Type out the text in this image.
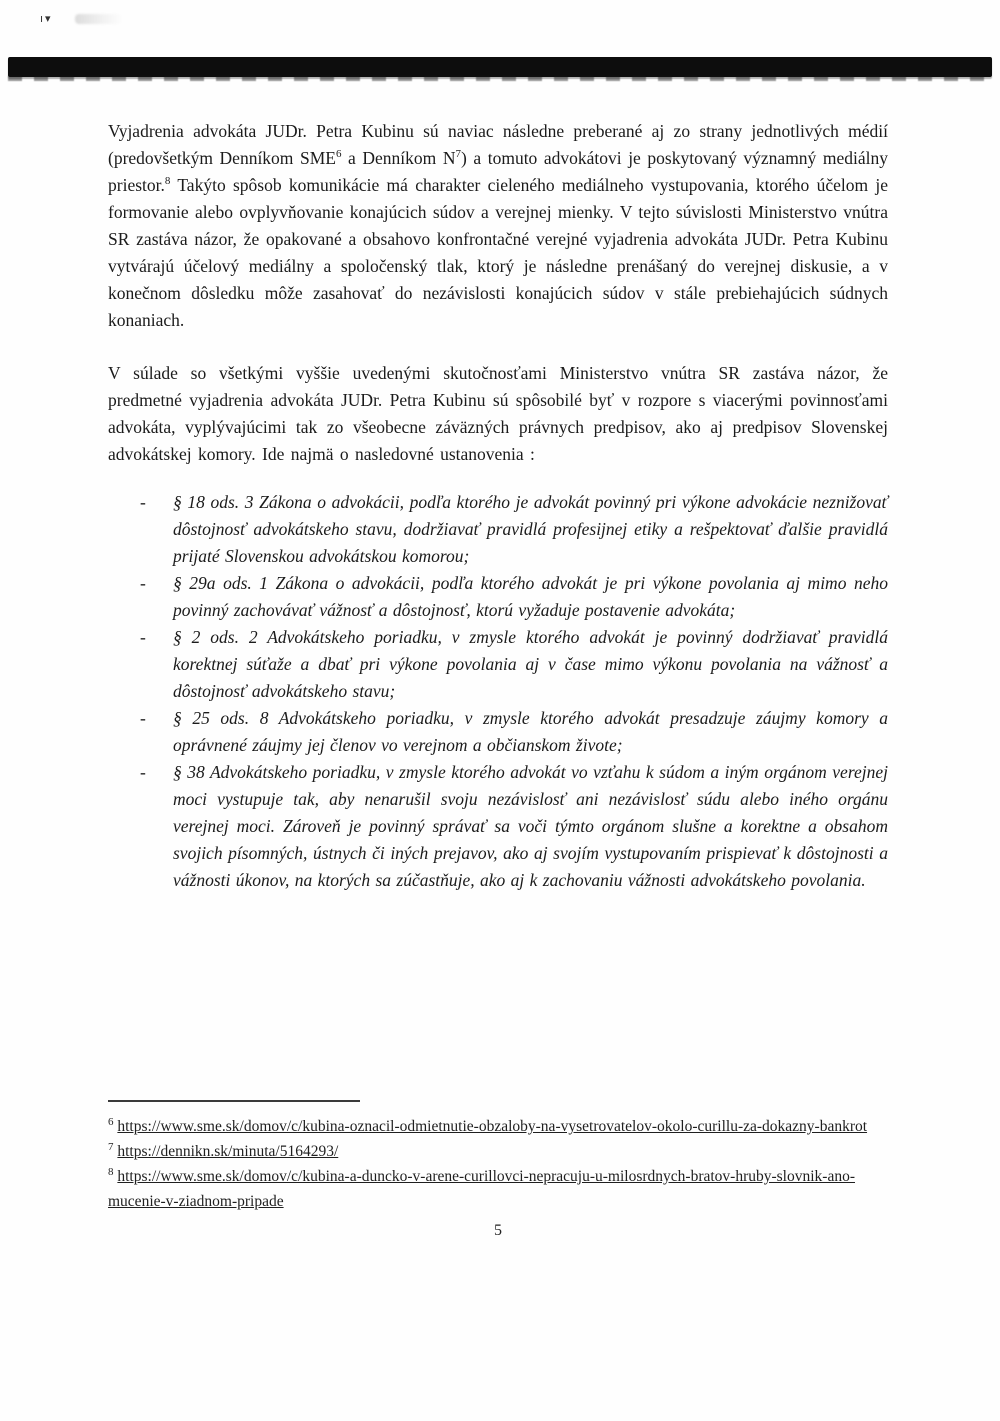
ı▾

Vyjadrenia advokáta JUDr. Petra Kubinu sú naviac následne preberané aj zo strany jednotlivých médií (predovšetkým Denníkom SME$^6$ a Denníkom $N^7$) a tomuto advokátovi je poskytovaný významný mediálny priestor.$^8$ Takýto spôsob komunikácie má charakter cieleného mediálneho vystupovania, ktorého účelom je formovanie alebo ovplyvňovanie konajúcich súdov a verejnej mienky. V tejto súvislosti Ministerstvo vnútra SR zastáva názor, že opakované a obsahovo konfrontačné verejné vyjadrenia advokáta JUDr. Petra Kubinu vytvárajú účelový mediálny a spoločenský tlak, ktorý je následne prenášaný do verejnej diskusie, a v konečnom dôsledku môže zasahovať do nezávislosti konajúcich súdov v stále prebiehajúcich súdnych konaniach.

V súlade so všetkými vyššie uvedenými skutočnosťami Ministerstvo vnútra SR zastáva názor, že predmetné vyjadrenia advokáta JUDr. Petra Kubinu sú spôsobilé byť v rozpore s viacerými povinnosťami advokáta, vyplývajúcimi tak zo všeobecne záväzných právnych predpisov, ako aj predpisov Slovenskej advokátskej komory. Ide najmä o nasledovné ustanovenia :

-	§ 18 ods. 3 Zákona o advokácii, podľa ktorého je advokát povinný pri výkone advokácie neznižovať dôstojnosť advokátskeho stavu, dodržiavať pravidlá profesijnej etiky a rešpektovať ďalšie pravidlá prijaté Slovenskou advokátskou komorou;
-	§ 29a ods. 1 Zákona o advokácii, podľa ktorého advokát je pri výkone povolania aj mimo neho povinný zachovávať vážnosť a dôstojnosť, ktorú vyžaduje postavenie advokáta;
-	§ 2 ods. 2 Advokátskeho poriadku, v zmysle ktorého advokát je povinný dodržiavať pravidlá korektnej súťaže a dbať pri výkone povolania aj v čase mimo výkonu povolania na vážnosť a dôstojnosť advokátskeho stavu;
-	§ 25 ods. 8 Advokátskeho poriadku, v zmysle ktorého advokát presadzuje záujmy komory a oprávnené záujmy jej členov vo verejnom a občianskom živote;
-	§ 38 Advokátskeho poriadku, v zmysle ktorého advokát vo vzťahu k súdom a iným orgánom verejnej moci vystupuje tak, aby nenarušil svoju nezávislosť ani nezávislosť súdu alebo iného orgánu verejnej moci. Zároveň je povinný správať sa voči týmto orgánom slušne a korektne a obsahom svojich písomných, ústnych či iných prejavov, ako aj svojím vystupovaním prispievať k dôstojnosti a vážnosti úkonov, na ktorých sa zúčastňuje, ako aj k zachovaniu vážnosti advokátskeho povolania.
$^6$ https://www.sme.sk/domov/c/kubina-oznacil-odmietnutie-obzaloby-na-vysetrovatelov-okolo-curillu-za-dokazny-bankrot
$^7$ https://dennikn.sk/minuta/5164293/
$^8$ https://www.sme.sk/domov/c/kubina-a-duncko-v-arene-curillovci-nepracuju-u-milosrdnych-bratov-hruby-slovnik-ano-mucenie-v-ziadnom-pripade
5
